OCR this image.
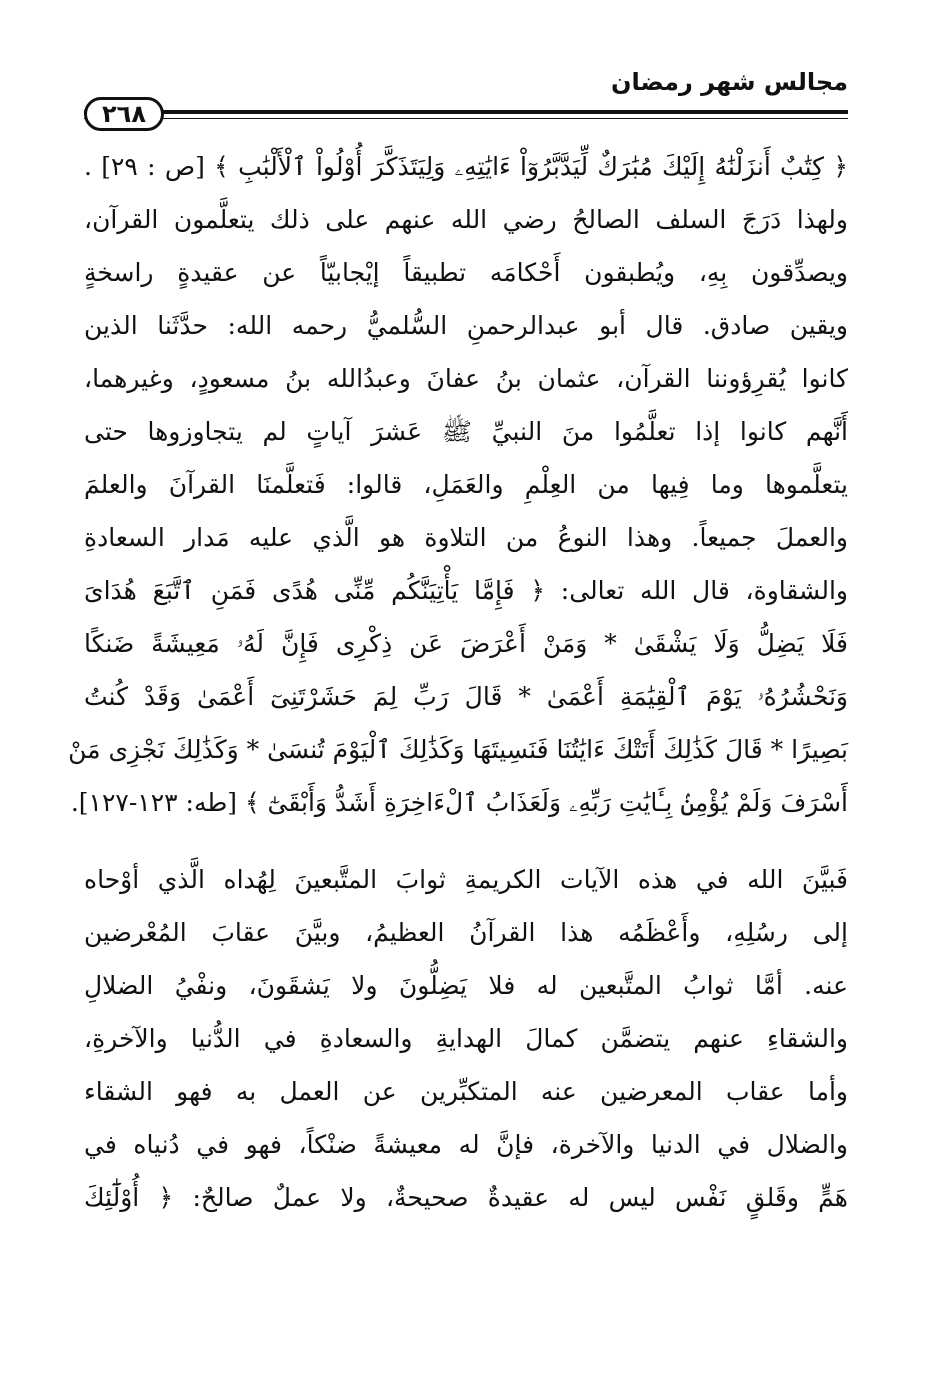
مجالس شهر رمضان
٢٦٨
﴿ كِتَٰبٌ أَنزَلْنَٰهُ إِلَيْكَ مُبَٰرَكٌ لِّيَدَّبَّرُوٓاْ ءَايَٰتِهِۦ وَلِيَتَذَكَّرَ أُوْلُواْ ٱلْأَلْبَٰبِ ﴾ [ص : ٢٩] .
ولهذا دَرَجَ السلف الصالحُ رضي الله عنهم على ذلك يتعلَّمون القرآن،
ويصدِّقون بِهِ، ويُطبقون أَحْكامَه تطبيقاً إيْجابيّاً عن عقيدةٍ راسخةٍ
ويقين صادق. قال أبو عبدالرحمنِ السُّلميُّ رحمه الله: حدَّثَنا الذين
كانوا يُقرِؤوننا القرآن، عثمان بنُ عفانَ وعبدُالله بنُ مسعودٍ، وغيرهما،
أَنَّهم كانوا إذا تعلَّمُوا منَ النبيِّ ﷺ عَشرَ آياتٍ لم يتجاوزوها حتى
يتعلَّموها وما فِيها من العِلْمِ والعَمَلِ، قالوا: فَتعلَّمنَا القرآنَ والعلمَ
والعملَ جميعاً. وهذا النوعُ من التلاوة هو الَّذي عليه مَدار السعادةِ
والشقاوة، قال الله تعالى: ﴿ فَإِمَّا يَأْتِيَنَّكُم مِّنِّى هُدًى فَمَنِ ٱتَّبَعَ هُدَاىَ
فَلَا يَضِلُّ وَلَا يَشْقَىٰ * وَمَنْ أَعْرَضَ عَن ذِكْرِى فَإِنَّ لَهُۥ مَعِيشَةً ضَنكًا
وَنَحْشُرُهُۥ يَوْمَ ٱلْقِيَٰمَةِ أَعْمَىٰ * قَالَ رَبِّ لِمَ حَشَرْتَنِىٓ أَعْمَىٰ وَقَدْ كُنتُ
بَصِيرًا * قَالَ كَذَٰلِكَ أَتَتْكَ ءَايَٰتُنَا فَنَسِيتَهَا وَكَذَٰلِكَ ٱلْيَوْمَ تُنسَىٰ * وَكَذَٰلِكَ نَجْزِى مَنْ
أَسْرَفَ وَلَمْ يُؤْمِنۢ بِـَٔايَٰتِ رَبِّهِۦ وَلَعَذَابُ ٱلْءَاخِرَةِ أَشَدُّ وَأَبْقَىٰٓ ﴾ [طه: ١٢٣-١٢٧].
فَبيَّنَ الله في هذه الآيات الكريمةِ ثوابَ المتَّبعينَ لِهُداه الَّذي أوْحاه
إلى رسُلِهِ، وأَعْظَمُه هذا القرآنُ العظيمُ، وبيَّنَ عقابَ المُعْرضين
عنه. أمَّا ثوابُ المتَّبعين له فلا يَضِلُّونَ ولا يَشقَونَ، ونفْيُ الضلالِ
والشقاءِ عنهم يتضمَّن كمالَ الهدايةِ والسعادةِ في الدُّنيا والآخرةِ،
وأما عقاب المعرضين عنه المتكبِّرين عن العمل به فهو الشقاء
والضلال في الدنيا والآخرة، فإنَّ له معيشةً ضنْكاً، فهو في دُنياه في
هَمٍّ وقَلقٍ نَفْس ليس له عقيدةٌ صحيحةٌ، ولا عملٌ صالحٌ: ﴿ أُوْلَٰٓئِكَ
